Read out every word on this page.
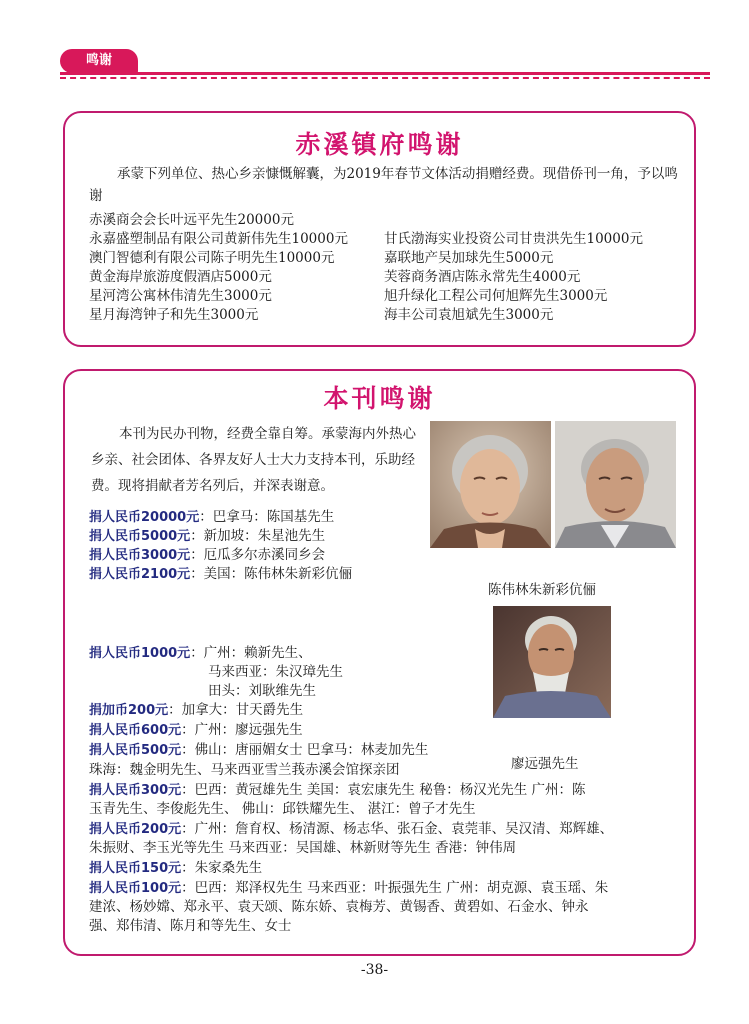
鸣谢
赤溪镇府鸣谢
承蒙下列单位、热心乡亲慷慨解囊，为2019年春节文体活动捐赠经费。现借侨刊一角，予以鸣谢
赤溪商会会长叶远平先生20000元
永嘉盛塑制品有限公司黄新伟先生10000元
澳门智德利有限公司陈子明先生10000元
黄金海岸旅游度假酒店5000元
星河湾公寓林伟清先生3000元
星月海湾钟子和先生3000元
甘氏渤海实业投资公司甘贵洪先生10000元
嘉联地产吴加球先生5000元
芙蓉商务酒店陈永常先生4000元
旭升绿化工程公司何旭辉先生3000元
海丰公司袁旭斌先生3000元
本刊鸣谢
本刊为民办刊物，经费全靠自筹。承蒙海内外热心乡亲、社会团体、各界友好人士大力支持本刊，乐助经费。现将捐献者芳名列后，并深表谢意。
捐人民币20000元：巴拿马：陈国基先生
捐人民币5000元：新加坡：朱星池先生
捐人民币3000元：厄瓜多尔赤溪同乡会
捐人民币2100元：美国：陈伟林朱新彩伉俪
捐人民币1000元：广州：赖新先生、
马来西亚：朱汉璋先生
田头：刘耿维先生
捐加币200元：加拿大：甘天爵先生
捐人民币600元：广州：廖远强先生
捐人民币500元：佛山：唐丽媚女士 巴拿马：林麦加先生
珠海：魏金明先生、马来西亚雪兰莪赤溪会馆探亲团
捐人民币300元：巴西：黄冠雄先生 美国：袁宏康先生 秘鲁：杨汉光先生 广州：陈
玉青先生、李俊彪先生、 佛山：邱铁耀先生、 湛江：曾子才先生
捐人民币200元：广州：詹育权、杨清源、杨志华、张石金、袁莞菲、吴汉清、郑辉雄、
朱振财、李玉光等先生 马来西亚：吴国雄、林新财等先生 香港：钟伟周
捐人民币150元：朱家桑先生
捐人民币100元：巴西：郑泽权先生 马来西亚：叶振强先生 广州：胡克源、袁玉瑶、朱
建浓、杨妙嫦、郑永平、袁天颂、陈东娇、袁梅芳、黄锡香、黄碧如、石金水、钟永
强、郑伟清、陈月和等先生、女士
陈伟林朱新彩伉俪
廖远强先生
-38-
